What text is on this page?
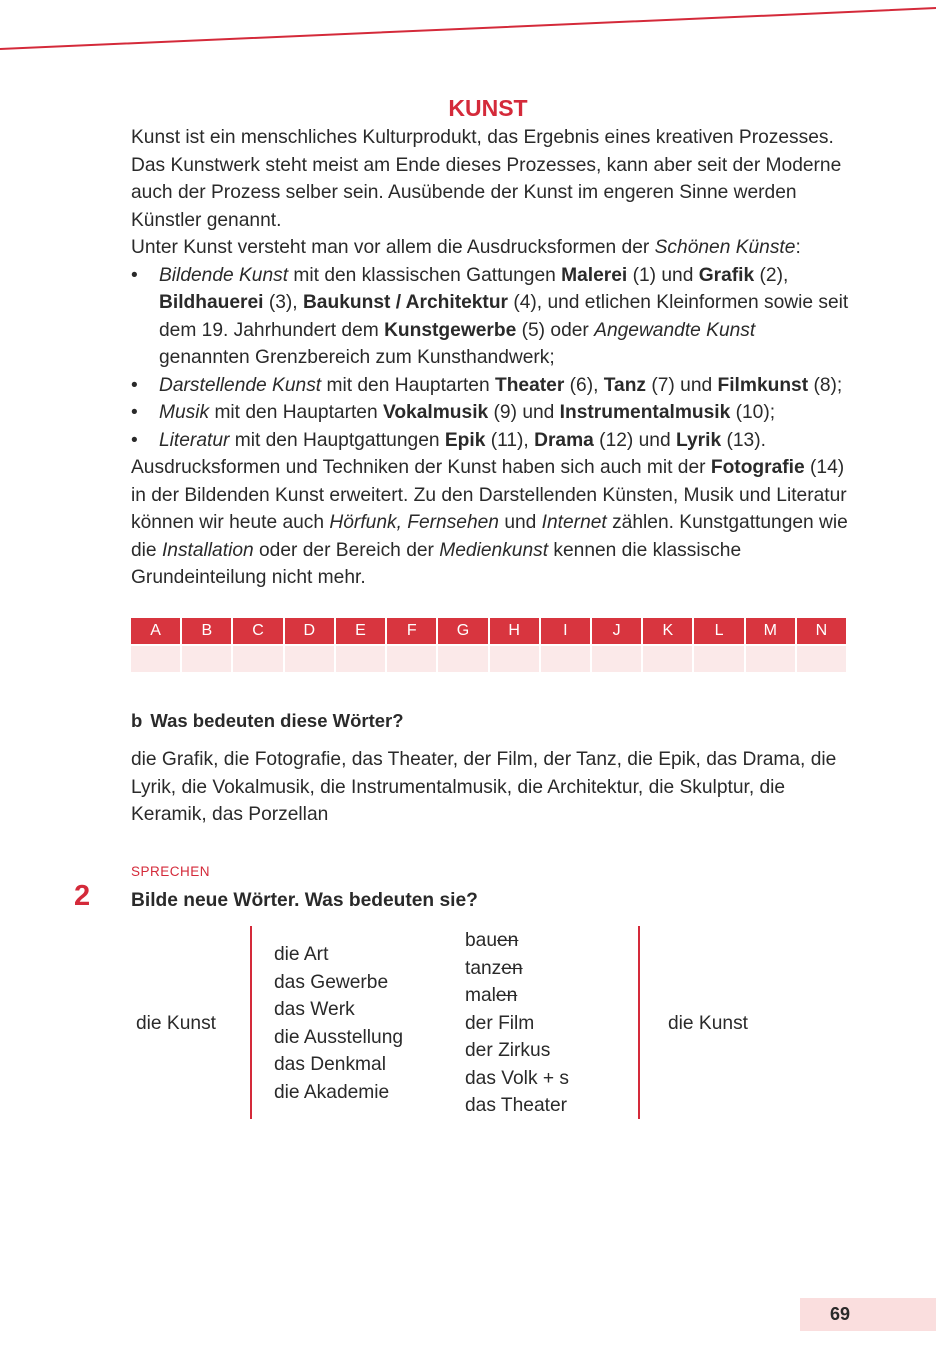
KUNST

Kunst ist ein menschliches Kulturprodukt, das Ergebnis eines kreativen Prozesses. Das Kunstwerk steht meist am Ende dieses Prozesses, kann aber seit der Moderne auch der Prozess selber sein. Ausübende der Kunst im engeren Sinne werden Künstler genannt.

Unter Kunst versteht man vor allem die Ausdrucksformen der Schönen Künste:

• Bildende Kunst mit den klassischen Gattungen Malerei (1) und Grafik (2), Bildhauerei (3), Baukunst / Architektur (4), und etlichen Kleinformen sowie seit dem 19. Jahrhundert dem Kunstgewerbe (5) oder Angewandte Kunst genannten Grenzbereich zum Kunsthandwerk;
• Darstellende Kunst mit den Hauptarten Theater (6), Tanz (7) und Filmkunst (8);
• Musik mit den Hauptarten Vokalmusik (9) und Instrumentalmusik (10);
• Literatur mit den Hauptgattungen Epik (11), Drama (12) und Lyrik (13).

Ausdrucksformen und Techniken der Kunst haben sich auch mit der Fotografie (14) in der Bildenden Kunst erweitert. Zu den Darstellenden Künsten, Musik und Literatur können wir heute auch Hörfunk, Fernsehen und Internet zählen. Kunstgattungen wie die Installation oder der Bereich der Medienkunst kennen die klassische Grundeinteilung nicht mehr.

A	B	C	D	E	F	G	H	I	J	K	L	M	N
b Was bedeuten diese Wörter?

die Grafik, die Fotografie, das Theater, der Film, der Tanz, die Epik, das Drama, die Lyrik, die Vokalmusik, die Instrumentalmusik, die Architektur, die Skulptur, die Keramik, das Porzellan

SPRECHEN
2 Bilde neue Wörter. Was bedeuten sie?
die Kunst
die Art
das Gewerbe
das Werk
die Ausstellung
das Denkmal
die Akademie
bauen
tanzen
malen
der Film
der Zirkus
das Volk + s
das Theater
die Kunst
69
